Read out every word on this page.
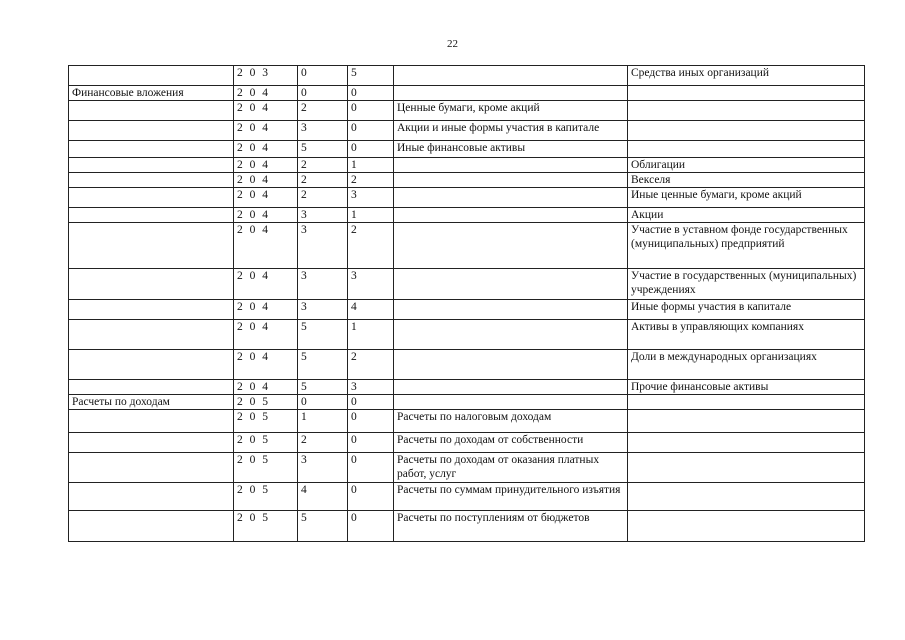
22
	2 0 3	0	5		Средства иных организаций
Финансовые вложения	2 0 4	0	0		
	2 0 4	2	0	Ценные бумаги, кроме акций	
	2 0 4	3	0	Акции и иные формы участия в капитале	
	2 0 4	5	0	Иные финансовые активы	
	2 0 4	2	1		Облигации
	2 0 4	2	2		Векселя
	2 0 4	2	3		Иные ценные бумаги, кроме акций
	2 0 4	3	1		Акции
	2 0 4	3	2		Участие в уставном фонде государственных (муниципальных) предприятий
	2 0 4	3	3		Участие в государственных (муниципальных) учреждениях
	2 0 4	3	4		Иные формы участия в капитале
	2 0 4	5	1		Активы в управляющих компаниях
	2 0 4	5	2		Доли в международных организациях
	2 0 4	5	3		Прочие финансовые активы
Расчеты по доходам	2 0 5	0	0		
	2 0 5	1	0	Расчеты по налоговым доходам	
	2 0 5	2	0	Расчеты по доходам от собственности	
	2 0 5	3	0	Расчеты по доходам от оказания платных работ, услуг	
	2 0 5	4	0	Расчеты по суммам принудительного изъятия	
	2 0 5	5	0	Расчеты по поступлениям от бюджетов	
